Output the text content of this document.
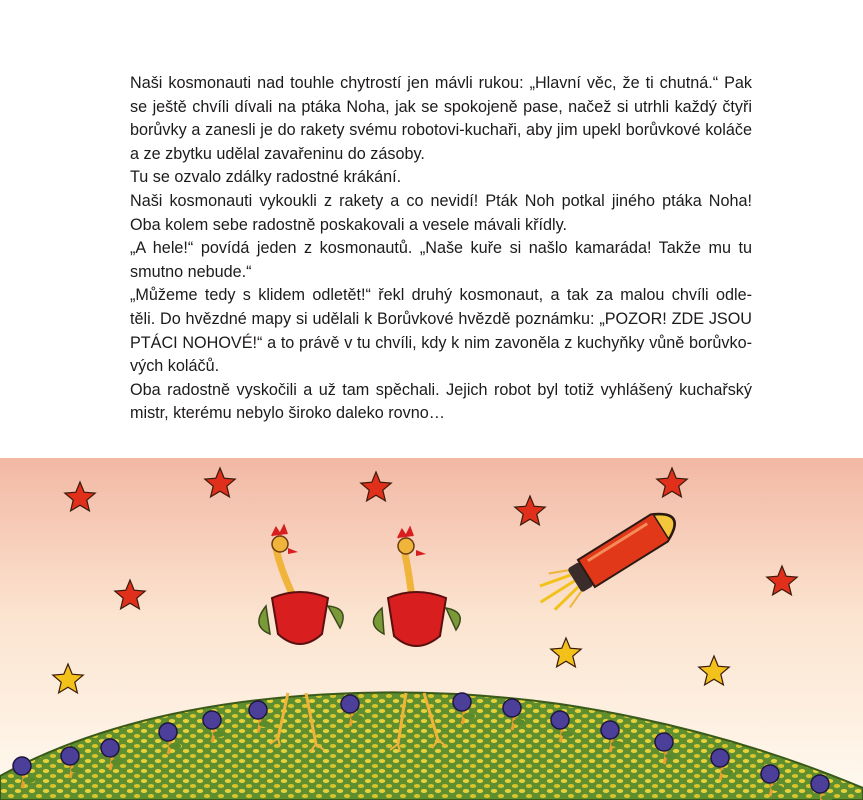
Naši kosmonauti nad touhle chytrostí jen mávli rukou: „Hlavní věc, že ti chutná.“ Pak
se ještě chvíli dívali na ptáka Noha, jak se spokojeně pase, načež si utrhli každý čtyři
borůvky a zanesli je do rakety svému robotovi-kuchaři, aby jim upekl borůvkové koláče
a ze zbytku udělal zavařeninu do zásoby.

Tu se ozvalo zdálky radostné krákání.

Naši kosmonauti vykoukli z rakety a co nevidí! Pták Noh potkal jiného ptáka Noha!
Oba kolem sebe radostně poskakovali a vesele mávali křídly.

„A hele!“ povídá jeden z kosmonautů. „Naše kuře si našlo kamaráda! Takže mu tu
smutno nebude.“

„Můžeme tedy s klidem odletět!“ řekl druhý kosmonaut, a tak za malou chvíli odle-
těli. Do hvězdné mapy si udělali k Borůvkové hvězdě poznámku: „POZOR! ZDE JSOU
PTÁCI NOHOVÉ!“ a to právě v tu chvíli, kdy k nim zavoněla z kuchyňky vůně borůvko-
vých koláčů.

Oba radostně vyskočili a už tam spěchali. Jejich robot byl totiž vyhlášený kuchařský
mistr, kterému nebylo široko daleko rovno…
